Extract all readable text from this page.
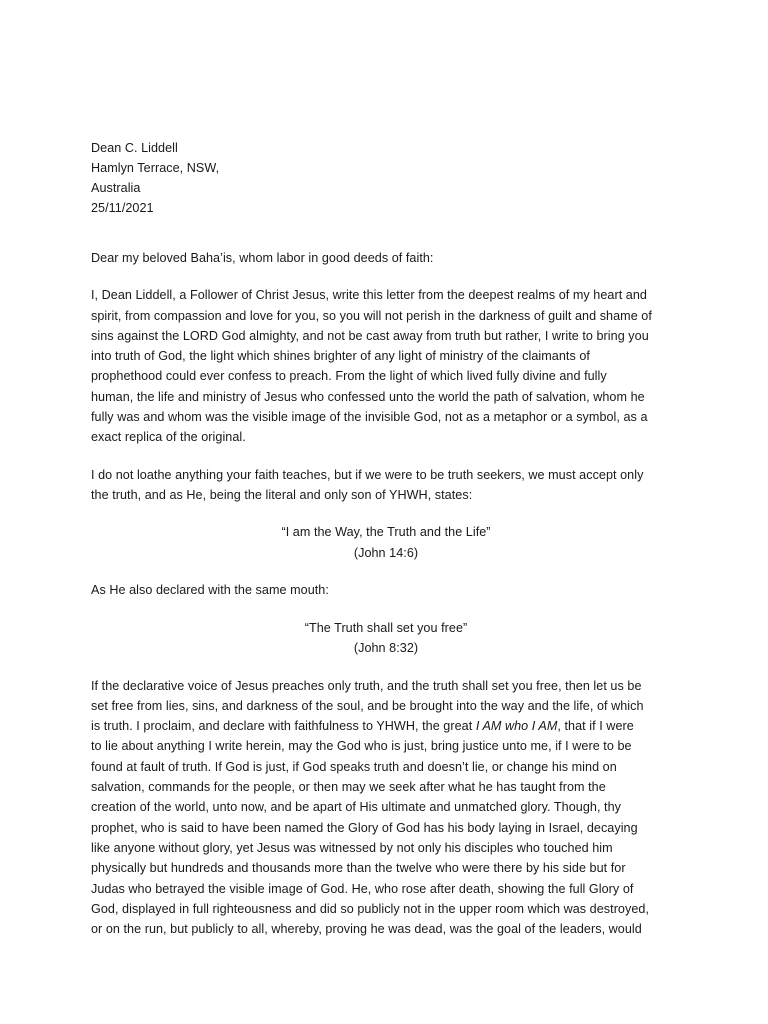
Dean C. Liddell
Hamlyn Terrace, NSW,
Australia
25/11/2021

Dear my beloved Baha’is, whom labor in good deeds of faith:

I, Dean Liddell, a Follower of Christ Jesus, write this letter from the deepest realms of my heart and
spirit, from compassion and love for you, so you will not perish in the darkness of guilt and shame of
sins against the LORD God almighty, and not be cast away from truth but rather, I write to bring you
into truth of God, the light which shines brighter of any light of ministry of the claimants of
prophethood could ever confess to preach. From the light of which lived fully divine and fully
human, the life and ministry of Jesus who confessed unto the world the path of salvation, whom he
fully was and whom was the visible image of the invisible God, not as a metaphor or a symbol, as a
exact replica of the original.

I do not loathe anything your faith teaches, but if we were to be truth seekers, we must accept only
the truth, and as He, being the literal and only son of YHWH, states:

“I am the Way, the Truth and the Life”
(John 14:6)

As He also declared with the same mouth:

“The Truth shall set you free”
(John 8:32)

If the declarative voice of Jesus preaches only truth, and the truth shall set you free, then let us be
set free from lies, sins, and darkness of the soul, and be brought into the way and the life, of which
is truth. I proclaim, and declare with faithfulness to YHWH, the great I AM who I AM, that if I were
to lie about anything I write herein, may the God who is just, bring justice unto me, if I were to be
found at fault of truth. If God is just, if God speaks truth and doesn’t lie, or change his mind on
salvation, commands for the people, or then may we seek after what he has taught from the
creation of the world, unto now, and be apart of His ultimate and unmatched glory. Though, thy
prophet, who is said to have been named the Glory of God has his body laying in Israel, decaying
like anyone without glory, yet Jesus was witnessed by not only his disciples who touched him
physically but hundreds and thousands more than the twelve who were there by his side but for
Judas who betrayed the visible image of God. He, who rose after death, showing the full Glory of
God, displayed in full righteousness and did so publicly not in the upper room which was destroyed,
or on the run, but publicly to all, whereby, proving he was dead, was the goal of the leaders, would
